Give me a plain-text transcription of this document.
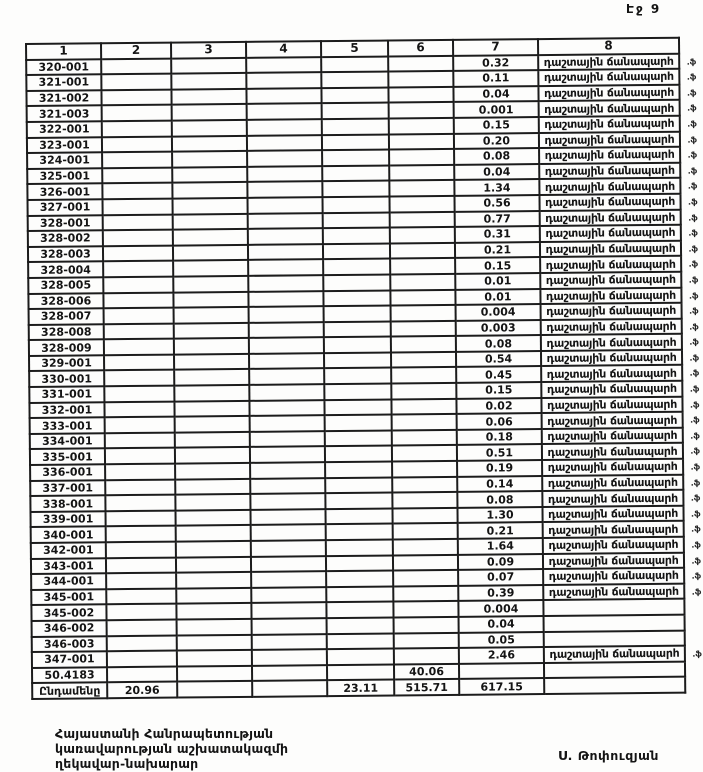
Էջ 9
1	2	3	4	5	6	7	8
320-001						0.32	դաշտային ճանապարհ .ֆ

321-001						0.11	դաշտային ճանապարհ .ֆ

321-002						0.04	դաշտային ճանապարհ .ֆ

321-003						0.001	դաշտային ճանապարհ .ֆ

322-001						0.15	դաշտային ճանապարհ .ֆ

323-001						0.20	դաշտային ճանապարհ .ֆ

324-001						0.08	դաշտային ճանապարհ .ֆ

325-001						0.04	դաշտային ճանապարհ .ֆ

326-001						1.34	դաշտային ճանապարհ .ֆ

327-001						0.56	դաշտային ճանապարհ .ֆ

328-001						0.77	դաշտային ճանապարհ .ֆ

328-002						0.31	դաշտային ճանապարհ .ֆ

328-003						0.21	դաշտային ճանապարհ .ֆ

328-004						0.15	դաշտային ճանապարհ .ֆ

328-005						0.01	դաշտային ճանապարհ .ֆ

328-006						0.01	դաշտային ճանապարհ .ֆ

328-007						0.004	դաշտային ճանապարհ .ֆ

328-008						0.003	դաշտային ճանապարհ .ֆ

328-009						0.08	դաշտային ճանապարհ .ֆ

329-001						0.54	դաշտային ճանապարհ .ֆ

330-001						0.45	դաշտային ճանապարհ .ֆ

331-001						0.15	դաշտային ճանապարհ .ֆ

332-001						0.02	դաշտային ճանապարհ .ֆ

333-001						0.06	դաշտային ճանապարհ .ֆ

334-001						0.18	դաշտային ճանապարհ .ֆ

335-001						0.51	դաշտային ճանապարհ .ֆ

336-001						0.19	դաշտային ճանապարհ .ֆ

337-001						0.14	դաշտային ճանապարհ .ֆ

338-001						0.08	դաշտային ճանապարհ .ֆ

339-001						1.30	դաշտային ճանապարհ .ֆ

340-001						0.21	դաշտային ճանապարհ .ֆ

342-001						1.64	դաշտային ճանապարհ .ֆ

343-001						0.09	դաշտային ճանապարհ .ֆ

344-001						0.07	դաշտային ճանապարհ .ֆ

345-001						0.39	դաշտային ճանապարհ .ֆ

345-002						0.004	
346-002						0.04	
346-003						0.05	
347-001						2.46	դաշտային ճանապարհ .ֆ

50.4183					40.06		
Ընդամենը	20.96			23.11	515.71	617.15	
Հայաստանի Հանրապետության
կառավարության աշխատակազմի
ղեկավար-նախարար
Ս. Թոփուզյան
